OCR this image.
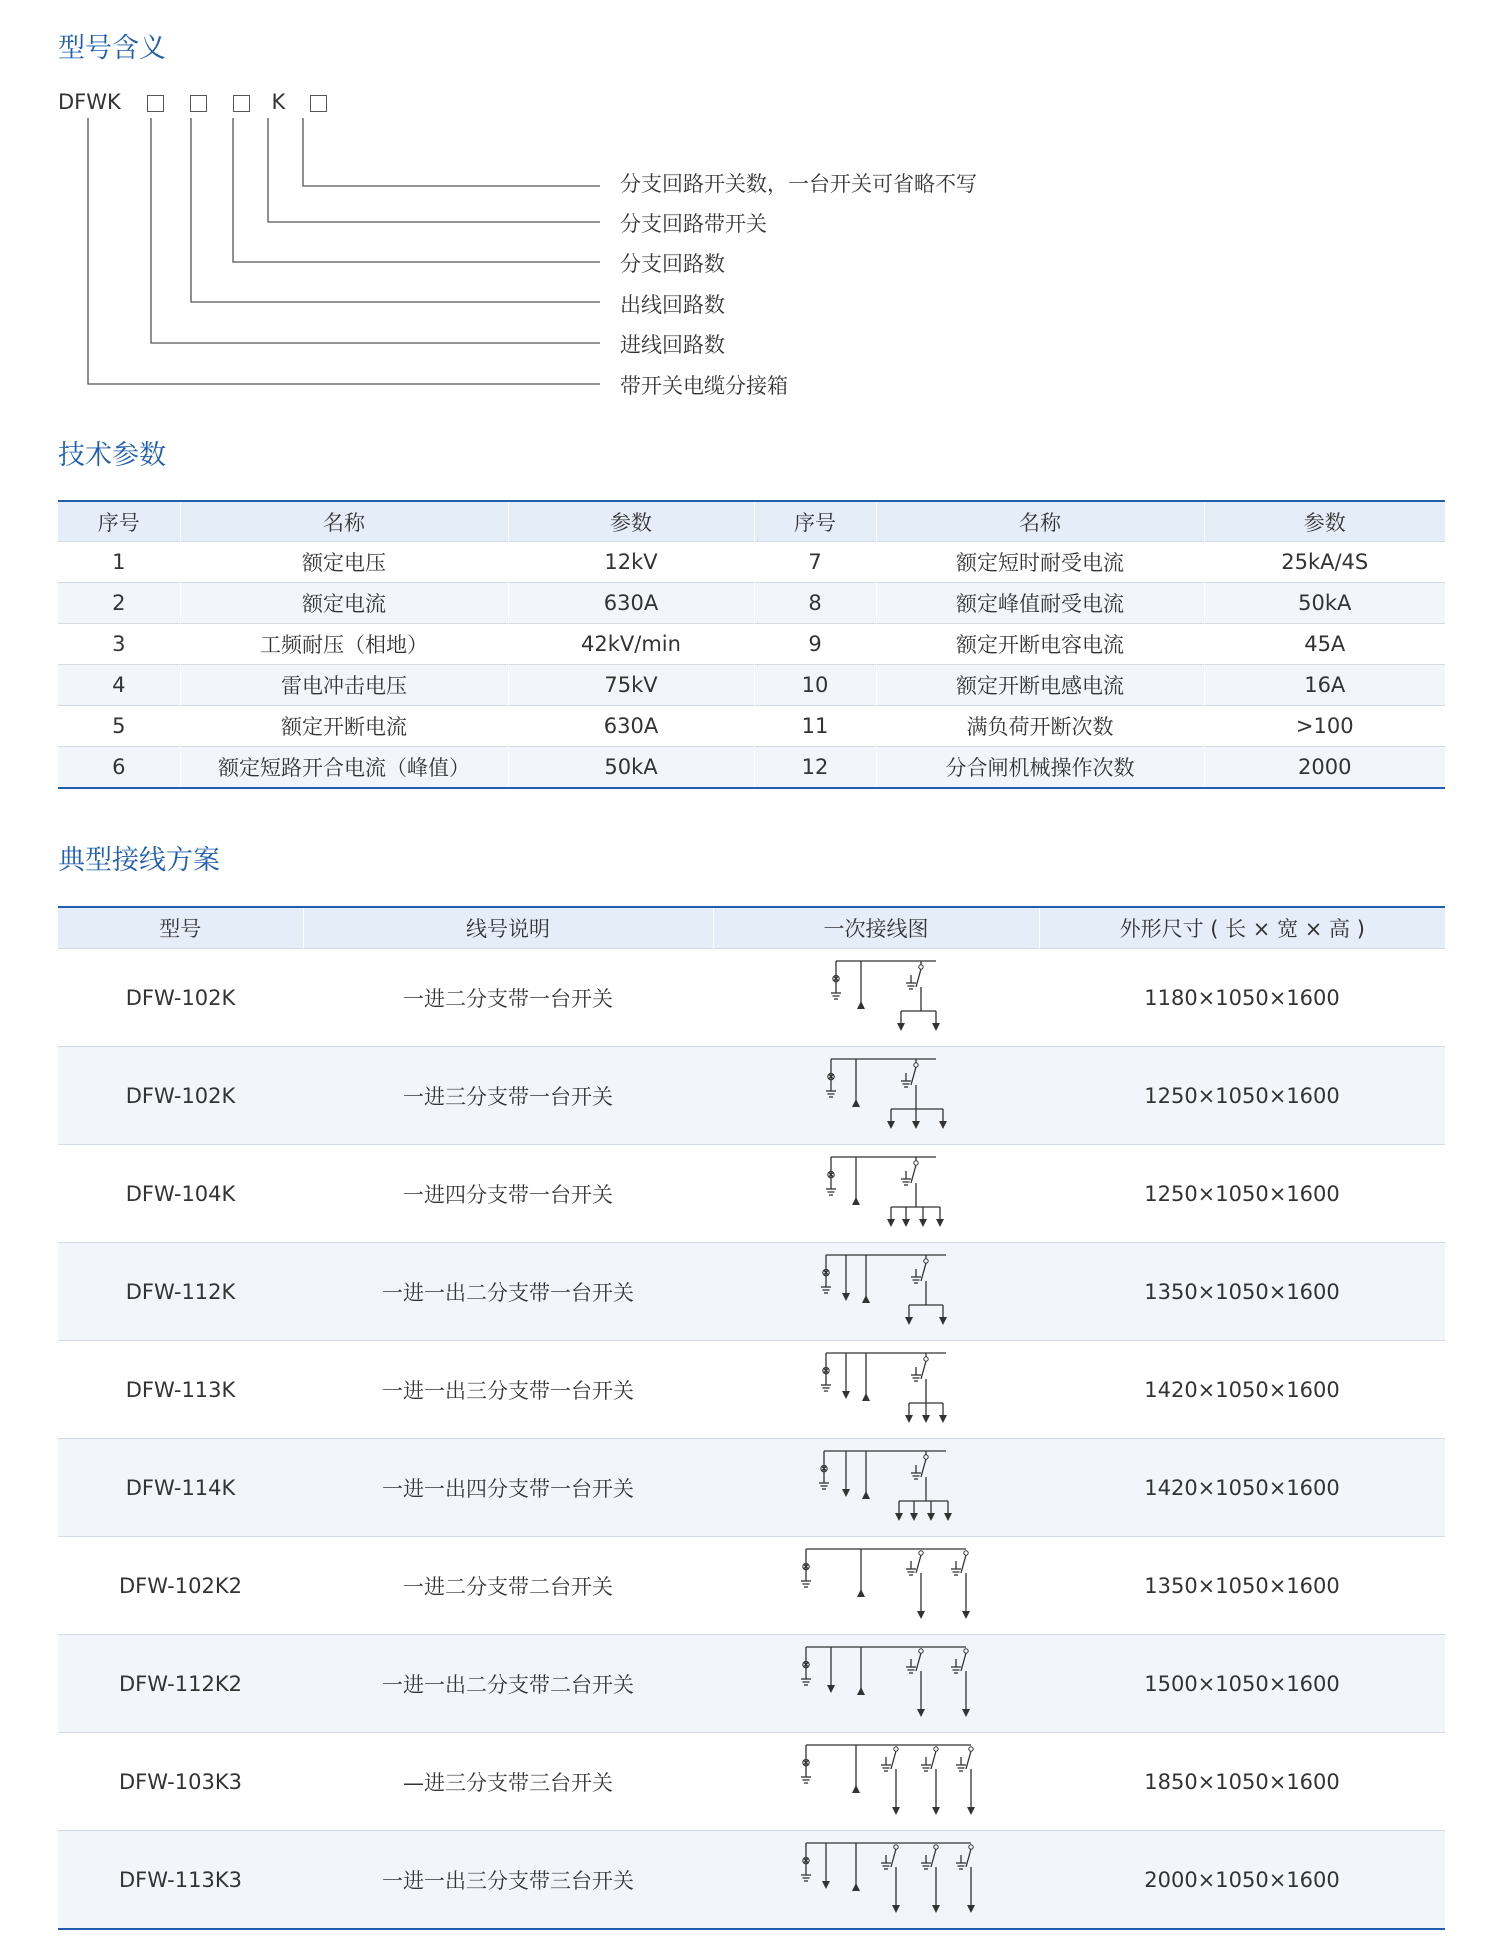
型号含义
DFWK	K
分支回路开关数，一台开关可省略不写
分支回路带开关
分支回路数
出线回路数
进线回路数
带开关电缆分接箱
技术参数
序号	名称	参数	序号	名称	参数
1	额定电压	12kV	7	额定短时耐受电流	25kA/4S
2	额定电流	630A	8	额定峰值耐受电流	50kA
3	工频耐压（相地）	42kV/min	9	额定开断电容电流	45A
4	雷电冲击电压	75kV	10	额定开断电感电流	16A
5	额定开断电流	630A	11	满负荷开断次数	>100
6	额定短路开合电流（峰值）	50kA	12	分合闸机械操作次数	2000
典型接线方案
型号	线号说明	一次接线图	外形尺寸 ( 长 × 宽 × 高 )
DFW-102K	一进二分支带一台开关		1180×1050×1600
DFW-102K	一进三分支带一台开关		1250×1050×1600
DFW-104K	一进四分支带一台开关		1250×1050×1600
DFW-112K	一进一出二分支带一台开关		1350×1050×1600
DFW-113K	一进一出三分支带一台开关		1420×1050×1600
DFW-114K	一进一出四分支带一台开关		1420×1050×1600
DFW-102K2	一进二分支带二台开关		1350×1050×1600
DFW-112K2	一进一出二分支带二台开关		1500×1050×1600
DFW-103K3	—进三分支带三台开关		1850×1050×1600
DFW-113K3	一进一出三分支带三台开关		2000×1050×1600
